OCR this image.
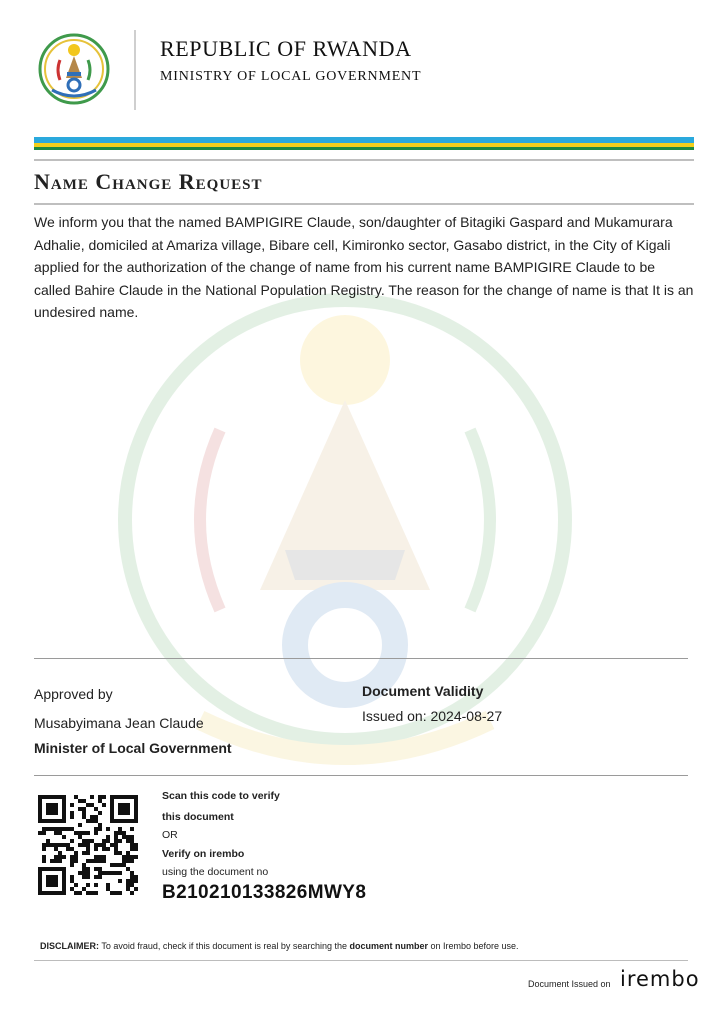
REPUBLIC OF RWANDA
MINISTRY OF LOCAL GOVERNMENT
Name Change Request
We inform you that the named BAMPIGIRE Claude, son/daughter of Bitagiki Gaspard and Mukamurara Adhalie, domiciled at Amariza village, Bibare cell, Kimironko sector, Gasabo district, in the City of Kigali applied for the authorization of the change of name from his current name BAMPIGIRE Claude to be called Bahire Claude in the National Population Registry. The reason for the change of name is that It is an undesired name.
Approved by
Musabyimana Jean Claude
Minister of Local Government
Document Validity
Issued on: 2024-08-27
Scan this code to verify
this document
OR
Verify on irembo
using the document no
B210210133826MWY8
DISCLAIMER: To avoid fraud, check if this document is real by searching the document number on Irembo before use.
Document Issued on irembo
